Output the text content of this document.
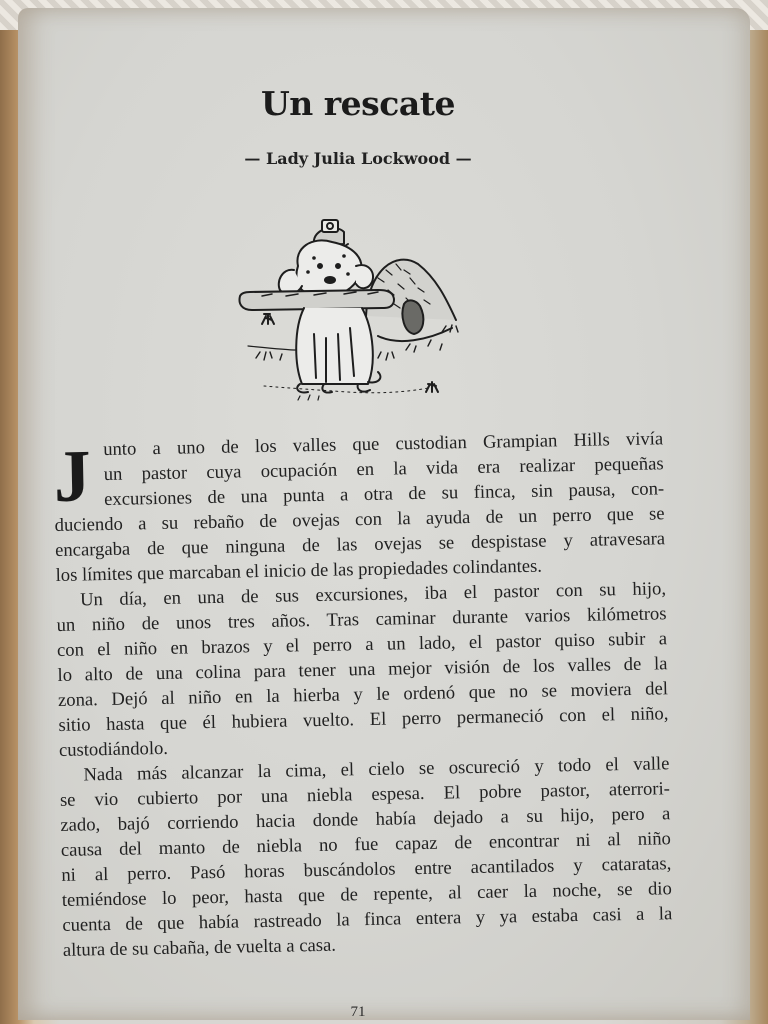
Un rescate
— Lady Julia Lockwood —
J unto a uno de los valles que custodian Grampian Hills vivía
un pastor cuya ocupación en la vida era realizar pequeñas
excursiones de una punta a otra de su finca, sin pausa, con-
duciendo a su rebaño de ovejas con la ayuda de un perro que se
encargaba de que ninguna de las ovejas se despistase y atravesara
los límites que marcaban el inicio de las propiedades colindantes.
Un día, en una de sus excursiones, iba el pastor con su hijo,
un niño de unos tres años. Tras caminar durante varios kilómetros
con el niño en brazos y el perro a un lado, el pastor quiso subir a
lo alto de una colina para tener una mejor visión de los valles de la
zona. Dejó al niño en la hierba y le ordenó que no se moviera del
sitio hasta que él hubiera vuelto. El perro permaneció con el niño,
custodiándolo.
Nada más alcanzar la cima, el cielo se oscureció y todo el valle
se vio cubierto por una niebla espesa. El pobre pastor, aterrori-
zado, bajó corriendo hacia donde había dejado a su hijo, pero a
causa del manto de niebla no fue capaz de encontrar ni al niño
ni al perro. Pasó horas buscándolos entre acantilados y cataratas,
temiéndose lo peor, hasta que de repente, al caer la noche, se dio
cuenta de que había rastreado la finca entera y ya estaba casi a la
altura de su cabaña, de vuelta a casa.
71
